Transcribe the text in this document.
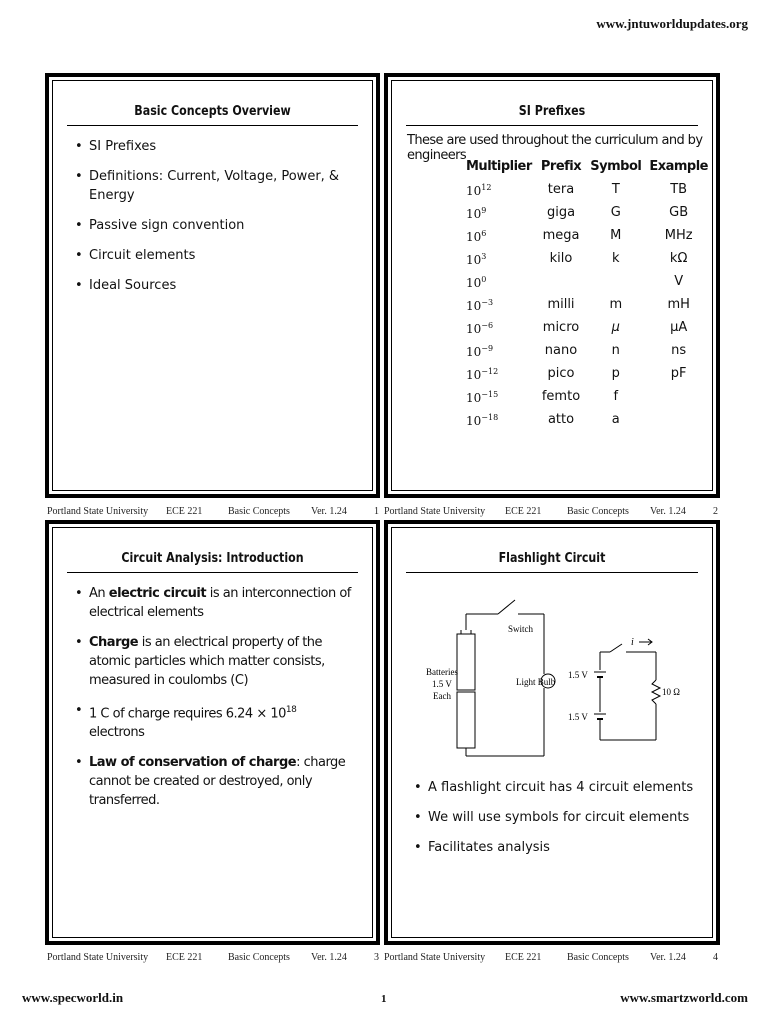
www.jntuworldupdates.org
Basic Concepts Overview
• SI Prefixes
• Definitions: Current, Voltage, Power, & Energy
• Passive sign convention
• Circuit elements
• Ideal Sources
SI Prefixes
These are used throughout the curriculum and by engineers
Multiplier	Prefix	Symbol	Example
$10^{12}$	tera	T	TB
$10^9$	giga	G	GB
$10^6$	mega	M	MHz
$10^3$	kilo	k	kΩ
$10^0$			V
$10^{-3}$	milli	m	mH
$10^{-6}$	micro	μ	μA
$10^{-9}$	nano	n	ns
$10^{-12}$	pico	p	pF
$10^{-15}$	femto	f	
$10^{-18}$	atto	a	
Circuit Analysis: Introduction
• An electric circuit is an interconnection of electrical elements
• Charge is an electrical property of the atomic particles which matter consists, measured in coulombs (C)
• 1 C of charge requires $6.24 \times 10^{18}$ electrons
• Law of conservation of charge: charge cannot be created or destroyed, only transferred.
Flashlight Circuit
Switch
Batteries
1.5 V
Each
Light Bulb
1.5 V
1.5 V
10 Ω
i
• A flashlight circuit has 4 circuit elements
• We will use symbols for circuit elements
• Facilitates analysis
Portland State University ECE 221	Basic Concepts Ver. 1.24	1 Portland State University ECE 221	Basic Concepts Ver. 1.24	2
Portland State University ECE 221	Basic Concepts Ver. 1.24	3 Portland State University ECE 221	Basic Concepts Ver. 1.24	4
www.specworld.in	1	www.smartzworld.com
